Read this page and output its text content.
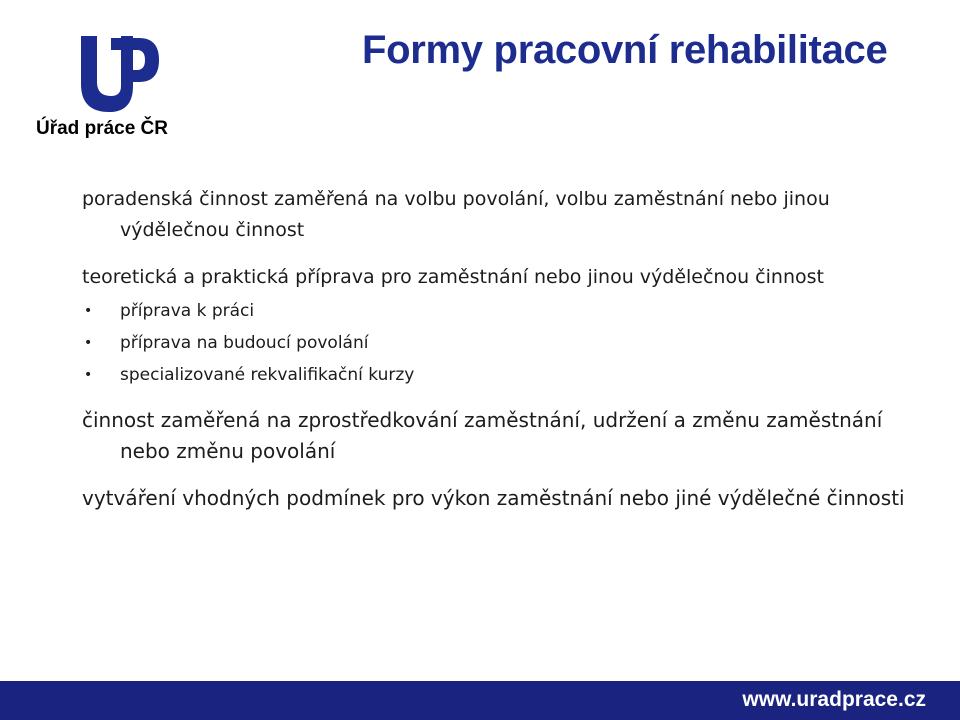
Úřad práce ČR
Formy pracovní rehabilitace

poradenská činnost zaměřená na volbu povolání, volbu zaměstnání nebo jinou výdělečnou činnost

teoretická a praktická příprava pro zaměstnání nebo jinou výdělečnou činnost

• příprava k práci
• příprava na budoucí povolání
• specializované rekvalifikační kurzy

činnost zaměřená na zprostředkování zaměstnání, udržení a změnu zaměstnání nebo změnu povolání

vytváření vhodných podmínek pro výkon zaměstnání nebo jiné výdělečné činnosti

www.uradprace.cz
